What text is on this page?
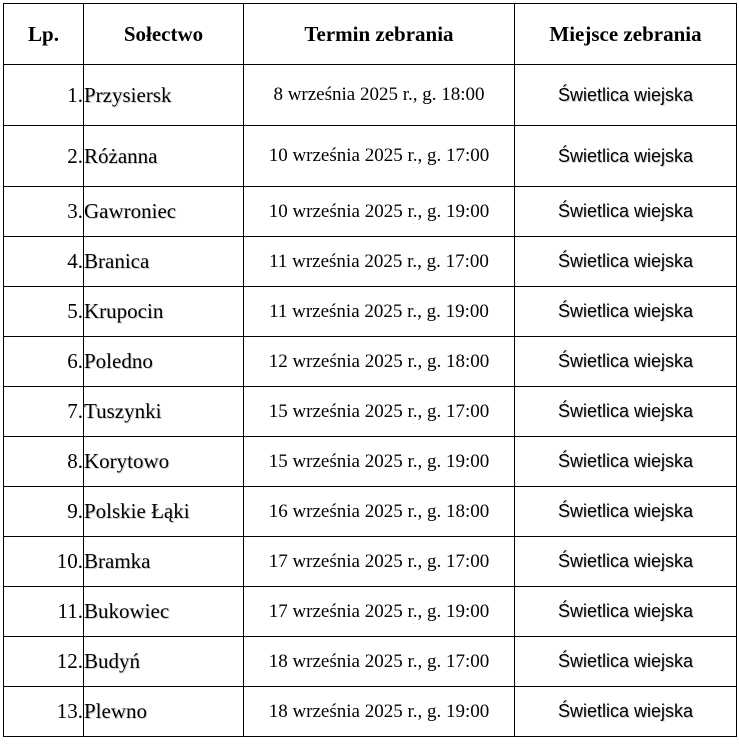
Lp.	Sołectwo	Termin zebrania	Miejsce zebrania
1.	Przysiersk	8 września 2025 r., g. 18:00	Świetlica wiejska
2.	Różanna	10 września 2025 r., g. 17:00	Świetlica wiejska
3.	Gawroniec	10 września 2025 r., g. 19:00	Świetlica wiejska
4.	Branica	11 września 2025 r., g. 17:00	Świetlica wiejska
5.	Krupocin	11 września 2025 r., g. 19:00	Świetlica wiejska
6.	Poledno	12 września 2025 r., g. 18:00	Świetlica wiejska
7.	Tuszynki	15 września 2025 r., g. 17:00	Świetlica wiejska
8.	Korytowo	15 września 2025 r., g. 19:00	Świetlica wiejska
9.	Polskie Łąki	16 września 2025 r., g. 18:00	Świetlica wiejska
10.	Bramka	17 września 2025 r., g. 17:00	Świetlica wiejska
11.	Bukowiec	17 września 2025 r., g. 19:00	Świetlica wiejska
12.	Budyń	18 września 2025 r., g. 17:00	Świetlica wiejska
13.	Plewno	18 września 2025 r., g. 19:00	Świetlica wiejska
